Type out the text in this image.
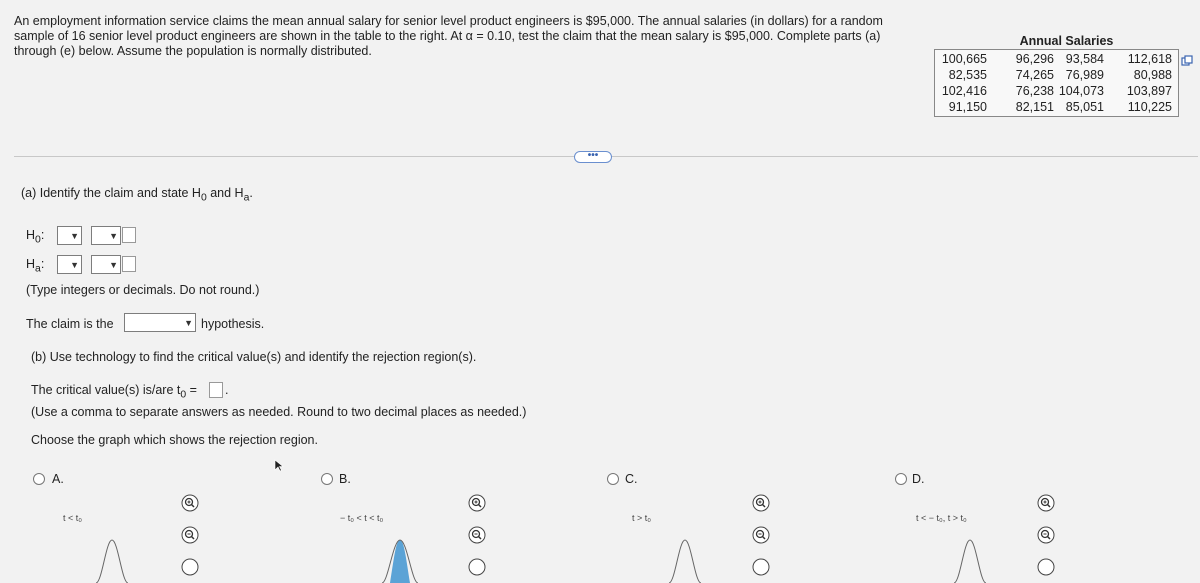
An employment information service claims the mean annual salary for senior level product engineers is $95,000. The annual salaries (in dollars) for a random sample of 16 senior level product engineers are shown in the table to the right. At α = 0.10, test the claim that the mean salary is $95,000. Complete parts (a) through (e) below. Assume the population is normally distributed.
Annual Salaries
100,665	96,296 93,584	112,618
82,535	74,265 76,989	80,988
102,416	76,238 104,073	103,897
91,150	82,151 85,051	110,225
•••
(a) Identify the claim and state $H_0$ and $H_a$.
$H_0$:	▼	▼
$H_a$:	▼	▼
(Type integers or decimals. Do not round.)
The claim is the	▼ hypothesis.
(b) Use technology to find the critical value(s) and identify the rejection region(s).
The critical value(s) is/are $t_0$ = .
(Use a comma to separate answers as needed. Round to two decimal places as needed.)
Choose the graph which shows the rejection region.
A.
t < t₀
B.
− t₀ < t < t₀
C.
t > t₀
D.
t < − t₀, t > t₀
